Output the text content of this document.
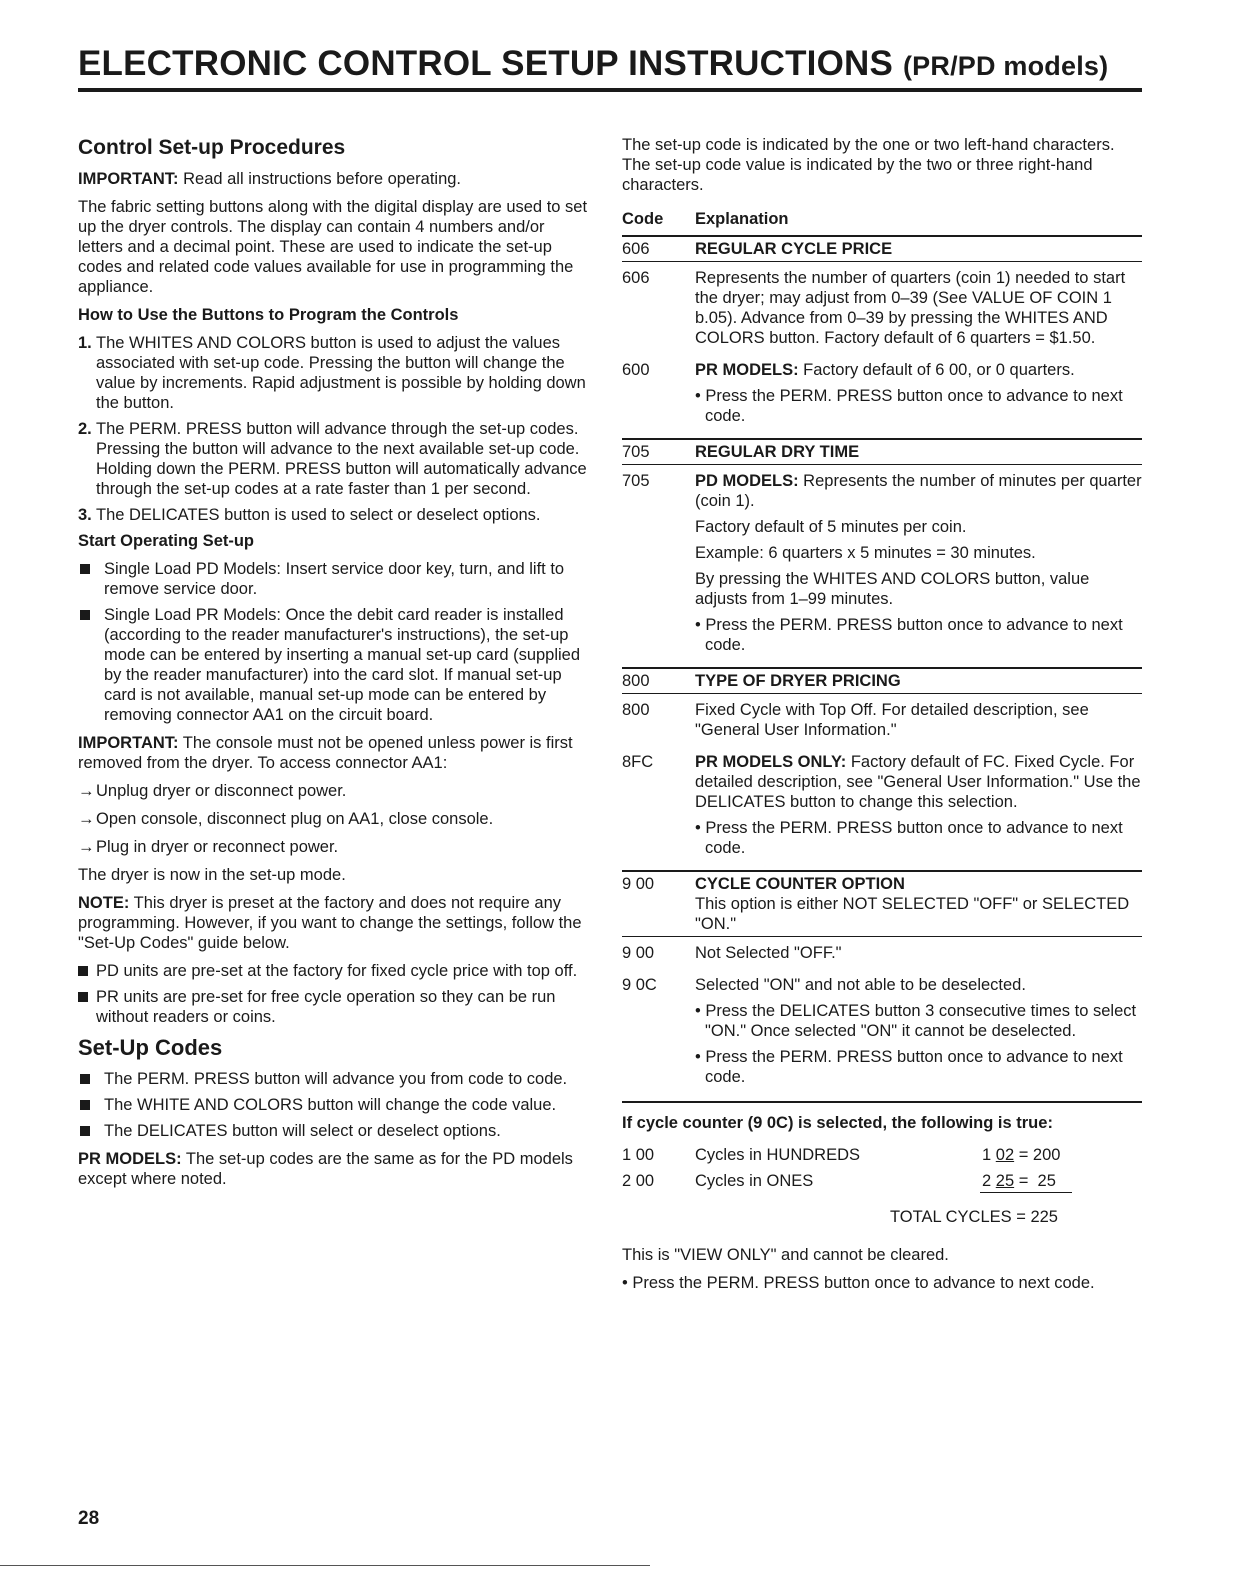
ELECTRONIC CONTROL SETUP INSTRUCTIONS (PR/PD models)
Control Set-up Procedures

IMPORTANT: Read all instructions before operating.

The fabric setting buttons along with the digital display are used to set up the dryer controls. The display can contain 4 numbers and/or letters and a decimal point. These are used to indicate the set-up codes and related code values available for use in programming the appliance.

How to Use the Buttons to Program the Controls
1. The WHITES AND COLORS button is used to adjust the values associated with set-up code. Pressing the button will change the value by increments. Rapid adjustment is possible by holding down the button.
2. The PERM. PRESS button will advance through the set-up codes. Pressing the button will advance to the next available set-up code. Holding down the PERM. PRESS button will automatically advance through the set-up codes at a rate faster than 1 per second.
3. The DELICATES button is used to select or deselect options.
Start Operating Set-up
Single Load PD Models: Insert service door key, turn, and lift to remove service door.
Single Load PR Models: Once the debit card reader is installed (according to the reader manufacturer's instructions), the set-up mode can be entered by inserting a manual set-up card (supplied by the reader manufacturer) into the card slot. If manual set-up card is not available, manual set-up mode can be entered by removing connector AA1 on the circuit board.

IMPORTANT: The console must not be opened unless power is first removed from the dryer. To access connector AA1:

→Unplug dryer or disconnect power.
→Open console, disconnect plug on AA1, close console.
→Plug in dryer or reconnect power.

The dryer is now in the set-up mode.

NOTE: This dryer is preset at the factory and does not require any programming. However, if you want to change the settings, follow the "Set-Up Codes" guide below.

PD units are pre-set at the factory for fixed cycle price with top off.
PR units are pre-set for free cycle operation so they can be run without readers or coins.
Set-Up Codes
The PERM. PRESS button will advance you from code to code.
The WHITE AND COLORS button will change the code value.
The DELICATES button will select or deselect options.

PR MODELS: The set-up codes are the same as for the PD models except where noted.

The set-up code is indicated by the one or two left-hand characters. The set-up code value is indicated by the two or three right-hand characters.

Code	Explanation
606	REGULAR CYCLE PRICE
606	Represents the number of quarters (coin 1) needed to start the dryer; may adjust from 0–39 (See VALUE OF COIN 1 b.05). Advance from 0–39 by pressing the WHITES AND COLORS button. Factory default of 6 quarters = $1.50.

600	PR MODELS: Factory default of 6 00, or 0 quarters.

• Press the PERM. PRESS button once to advance to next code.
705	REGULAR DRY TIME
705	PD MODELS: Represents the number of minutes per quarter (coin 1).

Factory default of 5 minutes per coin.

Example: 6 quarters x 5 minutes = 30 minutes.

By pressing the WHITES AND COLORS button, value adjusts from 1–99 minutes.

• Press the PERM. PRESS button once to advance to next code.
800	TYPE OF DRYER PRICING
800	Fixed Cycle with Top Off. For detailed description, see "General User Information."

8FC	PR MODELS ONLY: Factory default of FC. Fixed Cycle. For detailed description, see "General User Information." Use the DELICATES button to change this selection.

• Press the PERM. PRESS button once to advance to next code.
9 00	CYCLE COUNTER OPTION
This option is either NOT SELECTED "OFF" or SELECTED "ON."
9 00	Not Selected "OFF."

9 0C	Selected "ON" and not able to be deselected.

• Press the DELICATES button 3 consecutive times to select "ON." Once selected "ON" it cannot be deselected.
• Press the PERM. PRESS button once to advance to next code.
If cycle counter (9 0C) is selected, the following is true:
1 00	Cycles in HUNDREDS	1 02 = 200
2 00	Cycles in ONES	2 25 =  25
TOTAL CYCLES = 225

This is "VIEW ONLY" and cannot be cleared.

• Press the PERM. PRESS button once to advance to next code.
28
